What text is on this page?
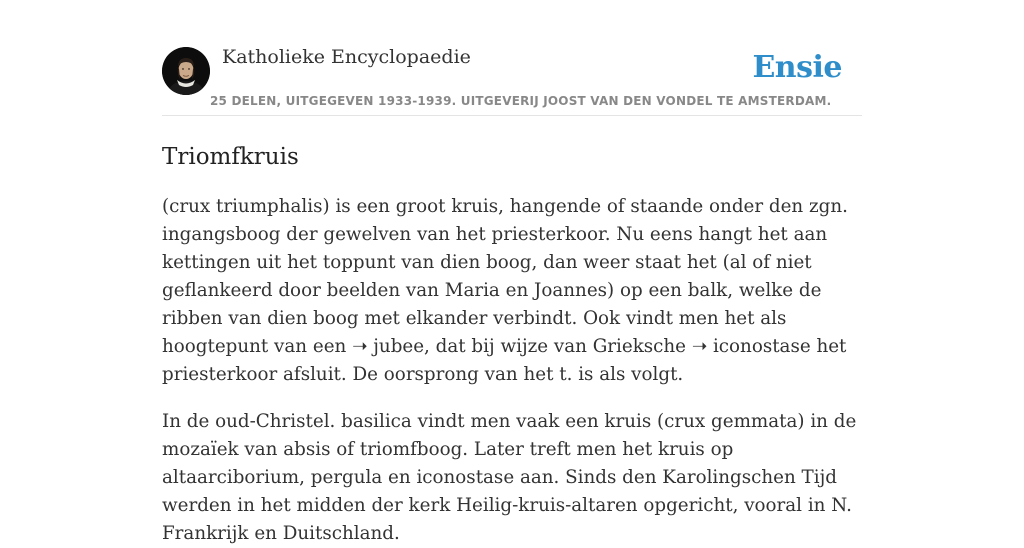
Katholieke Encyclopaedie	Ensie
25 DELEN, UITGEGEVEN 1933-1939. UITGEVERIJ JOOST VAN DEN VONDEL TE AMSTERDAM.
Triomfkruis

(crux triumphalis) is een groot kruis, hangende of staande onder den zgn. ingangsboog der gewelven van het priesterkoor. Nu eens hangt het aan kettingen uit het toppunt van dien boog, dan weer staat het (al of niet geflankeerd door beelden van Maria en Joannes) op een balk, welke de ribben van dien boog met elkander verbindt. Ook vindt men het als hoogtepunt van een ➝ jubee, dat bij wijze van Grieksche ➝ iconostase het priesterkoor afsluit. De oorsprong van het t. is als volgt.

In de oud-Christel. basilica vindt men vaak een kruis (crux gemmata) in de mozaïek van absis of triomfboog. Later treft men het kruis op altaarciborium, pergula en iconostase aan. Sinds den Karolingschen Tijd werden in het midden der kerk Heilig-kruis-altaren opgericht, vooral in N. Frankrijk en Duitschland.
